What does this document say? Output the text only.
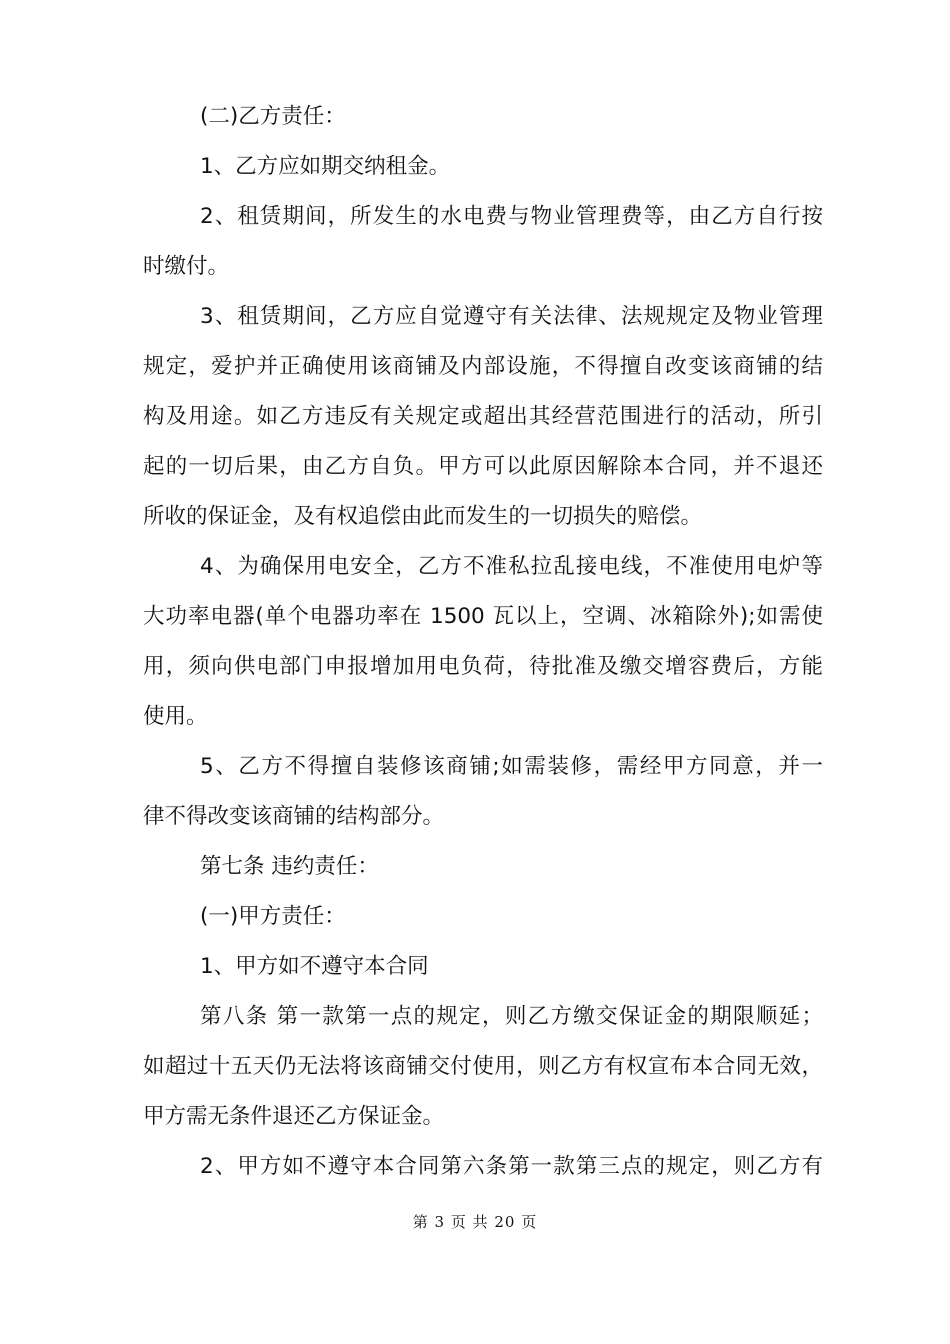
(二)乙方责任：
1、乙方应如期交纳租金。
2、租赁期间，所发生的水电费与物业管理费等，由乙方自行按
时缴付。
3、租赁期间，乙方应自觉遵守有关法律、法规规定及物业管理
规定，爱护并正确使用该商铺及内部设施，不得擅自改变该商铺的结
构及用途。如乙方违反有关规定或超出其经营范围进行的活动，所引
起的一切后果，由乙方自负。甲方可以此原因解除本合同，并不退还
所收的保证金，及有权追偿由此而发生的一切损失的赔偿。
4、为确保用电安全，乙方不准私拉乱接电线，不准使用电炉等
大功率电器(单个电器功率在 1500 瓦以上，空调、冰箱除外);如需使
用，须向供电部门申报增加用电负荷，待批准及缴交增容费后，方能
使用。
5、乙方不得擅自装修该商铺;如需装修，需经甲方同意，并一
律不得改变该商铺的结构部分。
第七条 违约责任：
(一)甲方责任：
1、甲方如不遵守本合同
第八条 第一款第一点的规定，则乙方缴交保证金的期限顺延；
如超过十五天仍无法将该商铺交付使用，则乙方有权宣布本合同无效，
甲方需无条件退还乙方保证金。
2、甲方如不遵守本合同第六条第一款第三点的规定，则乙方有
第 3 页 共 20 页
